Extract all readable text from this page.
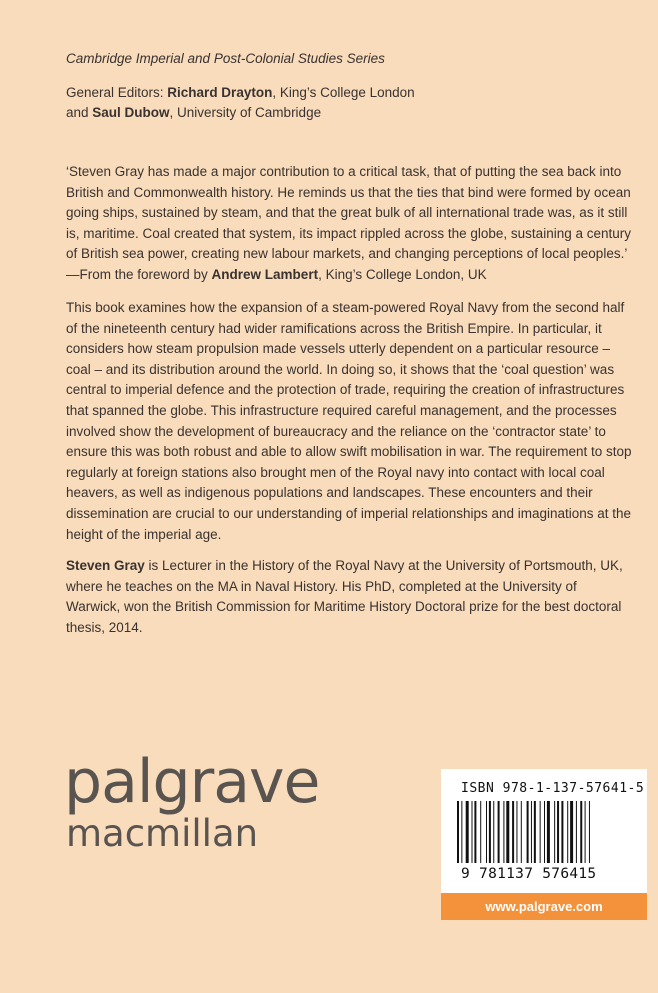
Cambridge Imperial and Post-Colonial Studies Series
General Editors: Richard Drayton, King’s College London
and Saul Dubow, University of Cambridge
‘Steven Gray has made a major contribution to a critical task, that of putting the sea back into British and Commonwealth history. He reminds us that the ties that bind were formed by ocean going ships, sustained by steam, and that the great bulk of all international trade was, as it still is, maritime. Coal created that system, its impact rippled across the globe, sustaining a century of British sea power, creating new labour markets, and changing perceptions of local peoples.’
—From the foreword by Andrew Lambert, King’s College London, UK
This book examines how the expansion of a steam-powered Royal Navy from the second half of the nineteenth century had wider ramifications across the British Empire. In particular, it considers how steam propulsion made vessels utterly dependent on a particular resource – coal – and its distribution around the world. In doing so, it shows that the ‘coal question’ was central to imperial defence and the protection of trade, requiring the creation of infrastructures that spanned the globe. This infrastructure required careful management, and the processes involved show the development of bureaucracy and the reliance on the ‘contractor state’ to ensure this was both robust and able to allow swift mobilisation in war. The requirement to stop regularly at foreign stations also brought men of the Royal navy into contact with local coal heavers, as well as indigenous populations and landscapes. These encounters and their dissemination are crucial to our understanding of imperial relationships and imaginations at the height of the imperial age.
Steven Gray is Lecturer in the History of the Royal Navy at the University of Portsmouth, UK, where he teaches on the MA in Naval History. His PhD, completed at the University of Warwick, won the British Commission for Maritime History Doctoral prize for the best doctoral thesis, 2014.
palgrave
macmillan
ISBN 978-1-137-57641-5
9 781137 576415
www.palgrave.com
